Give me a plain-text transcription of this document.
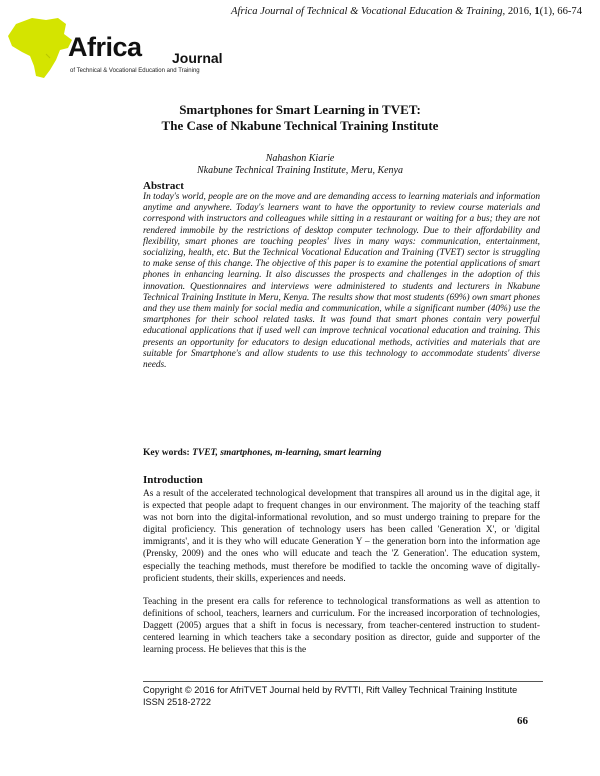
Africa Journal of Technical & Vocational Education & Training, 2016, 1(1), 66-74
Africa Journal
of Technical & Vocational Education and Training
Smartphones for Smart Learning in TVET:
The Case of Nkabune Technical Training Institute
Nahashon Kiarie
Nkabune Technical Training Institute, Meru, Kenya
Abstract
In today's world, people are on the move and are demanding access to learning materials and information anytime and anywhere. Today's learners want to have the opportunity to review course materials and correspond with instructors and colleagues while sitting in a restaurant or waiting for a bus; they are not rendered immobile by the restrictions of desktop computer technology. Due to their affordability and flexibility, smart phones are touching peoples' lives in many ways: communication, entertainment, socializing, health, etc. But the Technical Vocational Education and Training (TVET) sector is struggling to make sense of this change. The objective of this paper is to examine the potential applications of smart phones in enhancing learning. It also discusses the prospects and challenges in the adoption of this innovation. Questionnaires and interviews were administered to students and lecturers in Nkabune Technical Training Institute in Meru, Kenya. The results show that most students (69%) own smart phones and they use them mainly for social media and communication, while a significant number (40%) use the smartphones for their school related tasks. It was found that smart phones contain very powerful educational applications that if used well can improve technical vocational education and training. This presents an opportunity for educators to design educational methods, activities and materials that are suitable for Smartphone's and allow students to use this technology to accommodate students' diverse needs.
Key words: TVET, smartphones, m-learning, smart learning
Introduction
As a result of the accelerated technological development that transpires all around us in the digital age, it is expected that people adapt to frequent changes in our environment. The majority of the teaching staff was not born into the digital-informational revolution, and so must undergo training to prepare for the digital proficiency. This generation of technology users has been called 'Generation X', or 'digital immigrants', and it is they who will educate Generation Y – the generation born into the information age (Prensky, 2009) and the ones who will educate and teach the 'Z Generation'. The education system, especially the teaching methods, must therefore be modified to tackle the oncoming wave of digitally-proficient students, their skills, experiences and needs.
Teaching in the present era calls for reference to technological transformations as well as attention to definitions of school, teachers, learners and curriculum. For the increased incorporation of technologies, Daggett (2005) argues that a shift in focus is necessary, from teacher-centered instruction to student-centered learning in which teachers take a secondary position as director, guide and supporter of the learning process. He believes that this is the
Copyright © 2016 for AfriTVET Journal held by RVTTI, Rift Valley Technical Training Institute
ISSN 2518-2722
66
